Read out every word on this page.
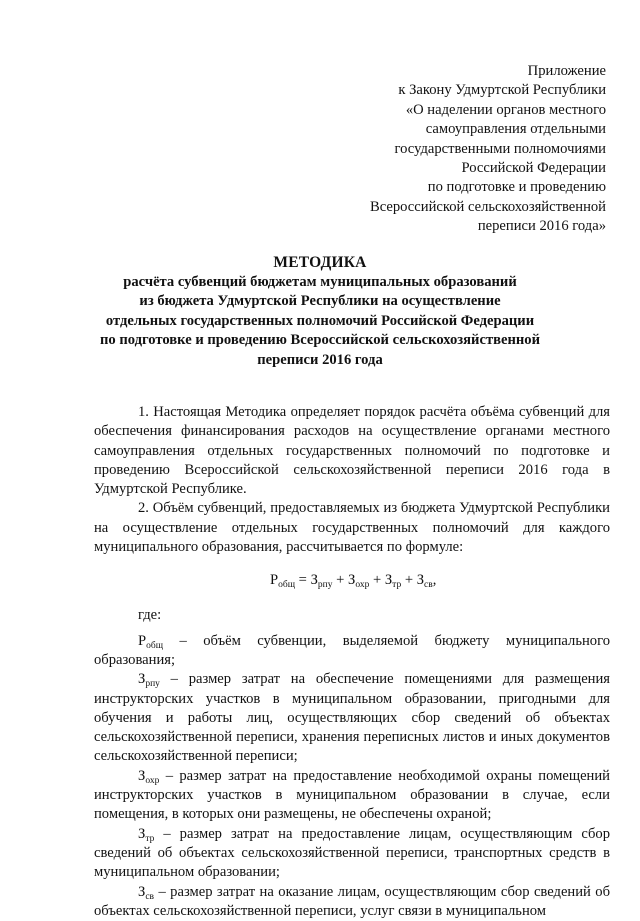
Приложение
к Закону Удмуртской Республики
«О наделении органов местного
самоуправления отдельными
государственными полномочиями
Российской Федерации
по подготовке и проведению
Всероссийской сельскохозяйственной
переписи 2016 года»
МЕТОДИКА
расчёта субвенций бюджетам муниципальных образований
из бюджета Удмуртской Республики на осуществление
отдельных государственных полномочий Российской Федерации
по подготовке и проведению Всероссийской сельскохозяйственной
переписи 2016 года
1. Настоящая Методика определяет порядок расчёта объёма субвенций для обеспечения финансирования расходов на осуществление органами местного самоуправления отдельных государственных полномочий по подготовке и проведению Всероссийской сельскохозяйственной переписи 2016 года в Удмуртской Республике.
2. Объём субвенций, предоставляемых из бюджета Удмуртской Республики на осуществление отдельных государственных полномочий для каждого муниципального образования, рассчитывается по формуле:
$P_{общ} = З_{рпу} + З_{охр} + З_{тр} + З_{св}$,
где:
$P_{общ}$ – объём субвенции, выделяемой бюджету муниципального образования;
$З_{рпу}$ – размер затрат на обеспечение помещениями для размещения инструкторских участков в муниципальном образовании, пригодными для обучения и работы лиц, осуществляющих сбор сведений об объектах сельскохозяйственной переписи, хранения переписных листов и иных документов сельскохозяйственной переписи;
$З_{охр}$ – размер затрат на предоставление необходимой охраны помещений инструкторских участков в муниципальном образовании в случае, если помещения, в которых они размещены, не обеспечены охраной;
$З_{тр}$ – размер затрат на предоставление лицам, осуществляющим сбор сведений об объектах сельскохозяйственной переписи, транспортных средств в муниципальном образовании;
$З_{св}$ – размер затрат на оказание лицам, осуществляющим сбор сведений об объектах сельскохозяйственной переписи, услуг связи в муниципальном
